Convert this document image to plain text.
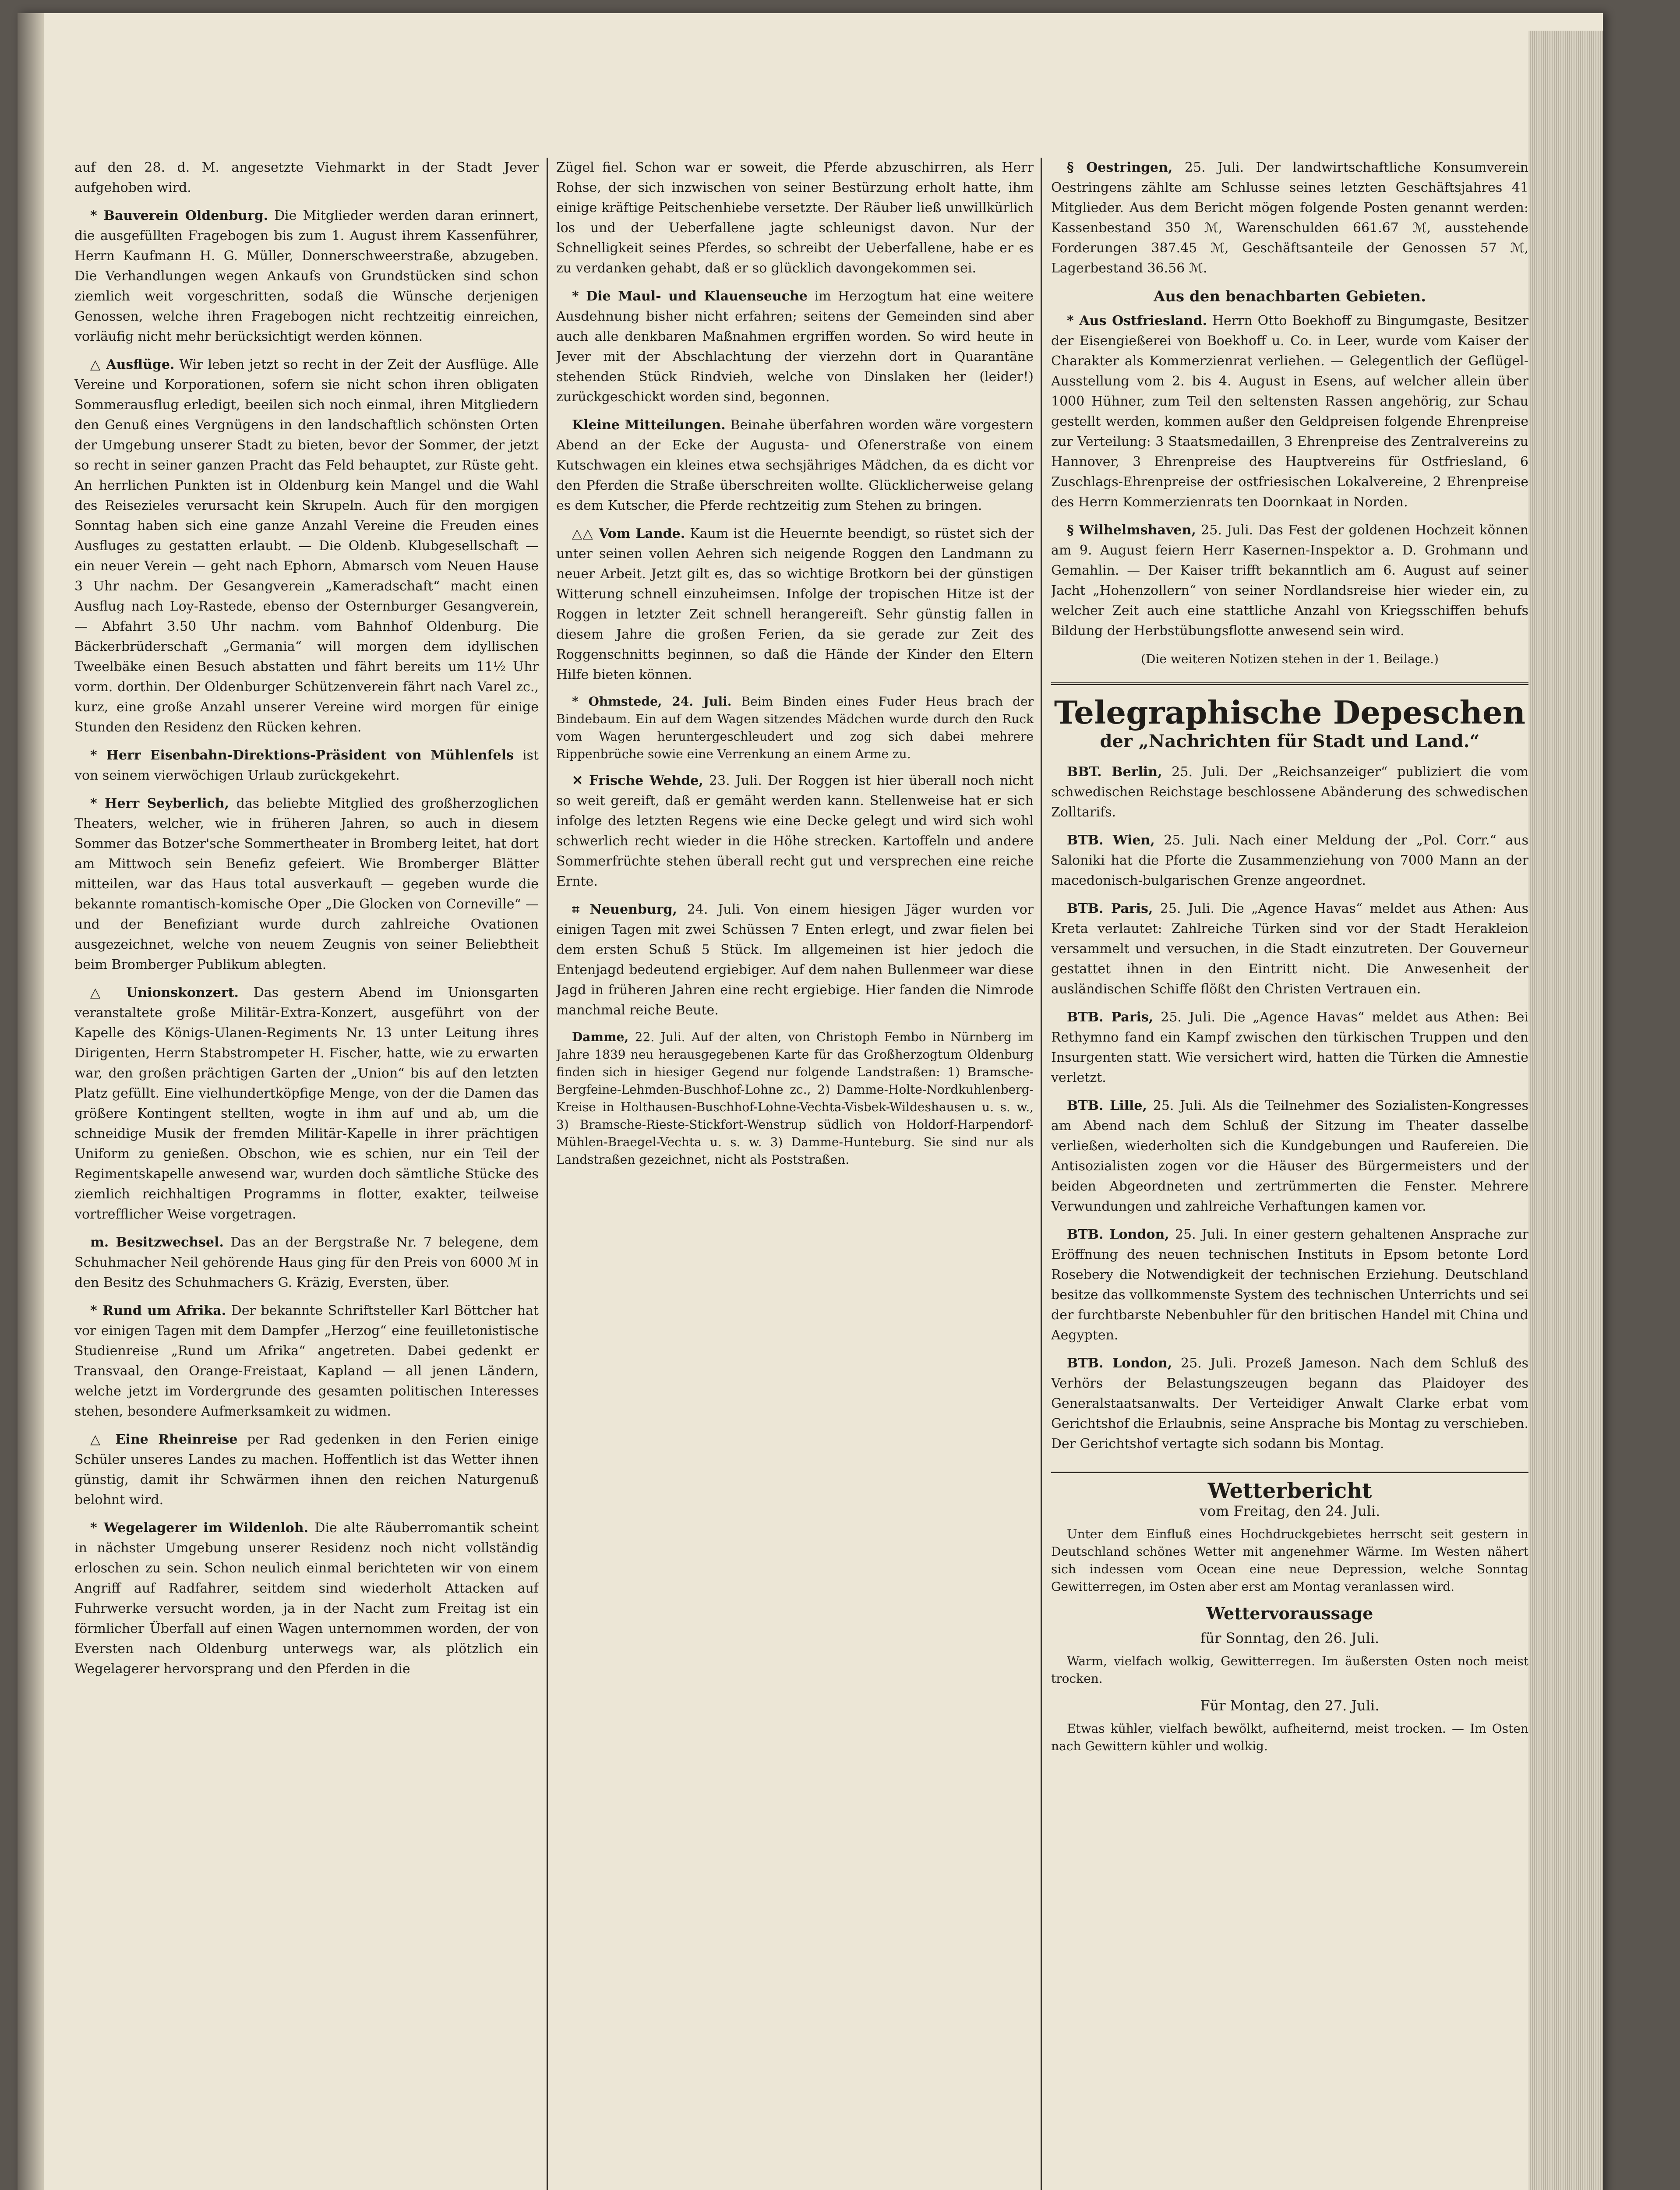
auf den 28. d. M. angesetzte Viehmarkt in der Stadt Jever aufgehoben wird.

* Bauverein Oldenburg. Die Mitglieder werden daran erinnert, die ausgefüllten Fragebogen bis zum 1. August ihrem Kassenführer, Herrn Kaufmann H. G. Müller, Donnerschweerstraße, abzugeben. Die Verhandlungen wegen Ankaufs von Grundstücken sind schon ziemlich weit vorgeschritten, sodaß die Wünsche derjenigen Genossen, welche ihren Fragebogen nicht rechtzeitig einreichen, vorläufig nicht mehr berücksichtigt werden können.

△ Ausflüge. Wir leben jetzt so recht in der Zeit der Ausflüge. Alle Vereine und Korporationen, sofern sie nicht schon ihren obligaten Sommerausflug erledigt, beeilen sich noch einmal, ihren Mitgliedern den Genuß eines Vergnügens in den landschaftlich schönsten Orten der Umgebung unserer Stadt zu bieten, bevor der Sommer, der jetzt so recht in seiner ganzen Pracht das Feld behauptet, zur Rüste geht. An herrlichen Punkten ist in Oldenburg kein Mangel und die Wahl des Reisezieles verursacht kein Skrupeln. Auch für den morgigen Sonntag haben sich eine ganze Anzahl Vereine die Freuden eines Ausfluges zu gestatten erlaubt. — Die Oldenb. Klubgesellschaft — ein neuer Verein — geht nach Ephorn, Abmarsch vom Neuen Hause 3 Uhr nachm. Der Gesangverein „Kameradschaft“ macht einen Ausflug nach Loy-Rastede, ebenso der Osternburger Gesangverein, — Abfahrt 3.50 Uhr nachm. vom Bahnhof Oldenburg. Die Bäckerbrüderschaft „Germania“ will morgen dem idyllischen Tweelbäke einen Besuch abstatten und fährt bereits um 11½ Uhr vorm. dorthin. Der Oldenburger Schützenverein fährt nach Varel zc., kurz, eine große Anzahl unserer Vereine wird morgen für einige Stunden den Residenz den Rücken kehren.

* Herr Eisenbahn-Direktions-Präsident von Mühlenfels ist von seinem vierwöchigen Urlaub zurückgekehrt.

* Herr Seyberlich, das beliebte Mitglied des großherzoglichen Theaters, welcher, wie in früheren Jahren, so auch in diesem Sommer das Botzer'sche Sommertheater in Bromberg leitet, hat dort am Mittwoch sein Benefiz gefeiert. Wie Bromberger Blätter mitteilen, war das Haus total ausverkauft — gegeben wurde die bekannte romantisch-komische Oper „Die Glocken von Corneville“ — und der Benefiziant wurde durch zahlreiche Ovationen ausgezeichnet, welche von neuem Zeugnis von seiner Beliebtheit beim Bromberger Publikum ablegten.

△ Unionskonzert. Das gestern Abend im Unionsgarten veranstaltete große Militär-Extra-Konzert, ausgeführt von der Kapelle des Königs-Ulanen-Regiments Nr. 13 unter Leitung ihres Dirigenten, Herrn Stabstrompeter H. Fischer, hatte, wie zu erwarten war, den großen prächtigen Garten der „Union“ bis auf den letzten Platz gefüllt. Eine vielhundertköpfige Menge, von der die Damen das größere Kontingent stellten, wogte in ihm auf und ab, um die schneidige Musik der fremden Militär-Kapelle in ihrer prächtigen Uniform zu genießen. Obschon, wie es schien, nur ein Teil der Regimentskapelle anwesend war, wurden doch sämtliche Stücke des ziemlich reichhaltigen Programms in flotter, exakter, teilweise vortrefflicher Weise vorgetragen.

m. Besitzwechsel. Das an der Bergstraße Nr. 7 belegene, dem Schuhmacher Neil gehörende Haus ging für den Preis von 6000 ℳ in den Besitz des Schuhmachers G. Kräzig, Eversten, über.

* Rund um Afrika. Der bekannte Schriftsteller Karl Böttcher hat vor einigen Tagen mit dem Dampfer „Herzog“ eine feuilletonistische Studienreise „Rund um Afrika“ angetreten. Dabei gedenkt er Transvaal, den Orange-Freistaat, Kapland — all jenen Ländern, welche jetzt im Vordergrunde des gesamten politischen Interesses stehen, besondere Aufmerksamkeit zu widmen.

△ Eine Rheinreise per Rad gedenken in den Ferien einige Schüler unseres Landes zu machen. Hoffentlich ist das Wetter ihnen günstig, damit ihr Schwärmen ihnen den reichen Naturgenuß belohnt wird.

* Wegelagerer im Wildenloh. Die alte Räuberromantik scheint in nächster Umgebung unserer Residenz noch nicht vollständig erloschen zu sein. Schon neulich einmal berichteten wir von einem Angriff auf Radfahrer, seitdem sind wiederholt Attacken auf Fuhrwerke versucht worden, ja in der Nacht zum Freitag ist ein förmlicher Überfall auf einen Wagen unternommen worden, der von Eversten nach Oldenburg unterwegs war, als plötzlich ein Wegelagerer hervorsprang und den Pferden in die

Zügel fiel. Schon war er soweit, die Pferde abzuschirren, als Herr Rohse, der sich inzwischen von seiner Bestürzung erholt hatte, ihm einige kräftige Peitschenhiebe versetzte. Der Räuber ließ unwillkürlich los und der Ueberfallene jagte schleunigst davon. Nur der Schnelligkeit seines Pferdes, so schreibt der Ueberfallene, habe er es zu verdanken gehabt, daß er so glücklich davongekommen sei.

* Die Maul- und Klauenseuche im Herzogtum hat eine weitere Ausdehnung bisher nicht erfahren; seitens der Gemeinden sind aber auch alle denkbaren Maßnahmen ergriffen worden. So wird heute in Jever mit der Abschlachtung der vierzehn dort in Quarantäne stehenden Stück Rindvieh, welche von Dinslaken her (leider!) zurückgeschickt worden sind, begonnen.

Kleine Mitteilungen. Beinahe überfahren worden wäre vorgestern Abend an der Ecke der Augusta- und Ofenerstraße von einem Kutschwagen ein kleines etwa sechsjähriges Mädchen, da es dicht vor den Pferden die Straße überschreiten wollte. Glücklicherweise gelang es dem Kutscher, die Pferde rechtzeitig zum Stehen zu bringen.

△△ Vom Lande. Kaum ist die Heuernte beendigt, so rüstet sich der unter seinen vollen Aehren sich neigende Roggen den Landmann zu neuer Arbeit. Jetzt gilt es, das so wichtige Brotkorn bei der günstigen Witterung schnell einzuheimsen. Infolge der tropischen Hitze ist der Roggen in letzter Zeit schnell herangereift. Sehr günstig fallen in diesem Jahre die großen Ferien, da sie gerade zur Zeit des Roggenschnitts beginnen, so daß die Hände der Kinder den Eltern Hilfe bieten können.

* Ohmstede, 24. Juli. Beim Binden eines Fuder Heus brach der Bindebaum. Ein auf dem Wagen sitzendes Mädchen wurde durch den Ruck vom Wagen heruntergeschleudert und zog sich dabei mehrere Rippenbrüche sowie eine Verrenkung an einem Arme zu.

✕ Frische Wehde, 23. Juli. Der Roggen ist hier überall noch nicht so weit gereift, daß er gemäht werden kann. Stellenweise hat er sich infolge des letzten Regens wie eine Decke gelegt und wird sich wohl schwerlich recht wieder in die Höhe strecken. Kartoffeln und andere Sommerfrüchte stehen überall recht gut und versprechen eine reiche Ernte.

⌗ Neuenburg, 24. Juli. Von einem hiesigen Jäger wurden vor einigen Tagen mit zwei Schüssen 7 Enten erlegt, und zwar fielen bei dem ersten Schuß 5 Stück. Im allgemeinen ist hier jedoch die Entenjagd bedeutend ergiebiger. Auf dem nahen Bullenmeer war diese Jagd in früheren Jahren eine recht ergiebige. Hier fanden die Nimrode manchmal reiche Beute.

Damme, 22. Juli. Auf der alten, von Christoph Fembo in Nürnberg im Jahre 1839 neu herausgegebenen Karte für das Großherzogtum Oldenburg finden sich in hiesiger Gegend nur folgende Landstraßen: 1) Bramsche-Bergfeine-Lehmden-Buschhof-Lohne zc., 2) Damme-Holte-Nordkuhlenberg-Kreise in Holthausen-Buschhof-Lohne-Vechta-Visbek-Wildeshausen u. s. w., 3) Bramsche-Rieste-Stickfort-Wenstrup südlich von Holdorf-Harpendorf-Mühlen-Braegel-Vechta u. s. w. 3) Damme-Hunteburg. Sie sind nur als Landstraßen gezeichnet, nicht als Poststraßen.

§ Oestringen, 25. Juli. Der landwirtschaftliche Konsumverein Oestringens zählte am Schlusse seines letzten Geschäftsjahres 41 Mitglieder. Aus dem Bericht mögen folgende Posten genannt werden: Kassenbestand 350 ℳ, Warenschulden 661.67 ℳ, ausstehende Forderungen 387.45 ℳ, Geschäftsanteile der Genossen 57 ℳ, Lagerbestand 36.56 ℳ.

Aus den benachbarten Gebieten.

* Aus Ostfriesland. Herrn Otto Boekhoff zu Bingumgaste, Besitzer der Eisengießerei von Boekhoff u. Co. in Leer, wurde vom Kaiser der Charakter als Kommerzienrat verliehen. — Gelegentlich der Geflügel-Ausstellung vom 2. bis 4. August in Esens, auf welcher allein über 1000 Hühner, zum Teil den seltensten Rassen angehörig, zur Schau gestellt werden, kommen außer den Geldpreisen folgende Ehrenpreise zur Verteilung: 3 Staatsmedaillen, 3 Ehrenpreise des Zentralvereins zu Hannover, 3 Ehrenpreise des Hauptvereins für Ostfriesland, 6 Zuschlags-Ehrenpreise der ostfriesischen Lokalvereine, 2 Ehrenpreise des Herrn Kommerzienrats ten Doornkaat in Norden.

§ Wilhelmshaven, 25. Juli. Das Fest der goldenen Hochzeit können am 9. August feiern Herr Kasernen-Inspektor a. D. Grohmann und Gemahlin. — Der Kaiser trifft bekanntlich am 6. August auf seiner Jacht „Hohenzollern“ von seiner Nordlandsreise hier wieder ein, zu welcher Zeit auch eine stattliche Anzahl von Kriegsschiffen behufs Bildung der Herbstübungsflotte anwesend sein wird.

(Die weiteren Notizen stehen in der 1. Beilage.)
Telegraphische Depeschen
der „Nachrichten für Stadt und Land.“

BBT. Berlin, 25. Juli. Der „Reichsanzeiger“ publiziert die vom schwedischen Reichstage beschlossene Abänderung des schwedischen Zolltarifs.

BTB. Wien, 25. Juli. Nach einer Meldung der „Pol. Corr.“ aus Saloniki hat die Pforte die Zusammenziehung von 7000 Mann an der macedonisch-bulgarischen Grenze angeordnet.

BTB. Paris, 25. Juli. Die „Agence Havas“ meldet aus Athen: Aus Kreta verlautet: Zahlreiche Türken sind vor der Stadt Herakleion versammelt und versuchen, in die Stadt einzutreten. Der Gouverneur gestattet ihnen in den Eintritt nicht. Die Anwesenheit der ausländischen Schiffe flößt den Christen Vertrauen ein.

BTB. Paris, 25. Juli. Die „Agence Havas“ meldet aus Athen: Bei Rethymno fand ein Kampf zwischen den türkischen Truppen und den Insurgenten statt. Wie versichert wird, hatten die Türken die Amnestie verletzt.

BTB. Lille, 25. Juli. Als die Teilnehmer des Sozialisten-Kongresses am Abend nach dem Schluß der Sitzung im Theater dasselbe verließen, wiederholten sich die Kundgebungen und Raufereien. Die Antisozialisten zogen vor die Häuser des Bürgermeisters und der beiden Abgeordneten und zertrümmerten die Fenster. Mehrere Verwundungen und zahlreiche Verhaftungen kamen vor.

BTB. London, 25. Juli. In einer gestern gehaltenen Ansprache zur Eröffnung des neuen technischen Instituts in Epsom betonte Lord Rosebery die Notwendigkeit der technischen Erziehung. Deutschland besitze das vollkommenste System des technischen Unterrichts und sei der furchtbarste Nebenbuhler für den britischen Handel mit China und Aegypten.

BTB. London, 25. Juli. Prozeß Jameson. Nach dem Schluß des Verhörs der Belastungszeugen begann das Plaidoyer des Generalstaatsanwalts. Der Verteidiger Anwalt Clarke erbat vom Gerichtshof die Erlaubnis, seine Ansprache bis Montag zu verschieben. Der Gerichtshof vertagte sich sodann bis Montag.

Wetterbericht
vom Freitag, den 24. Juli.

Unter dem Einfluß eines Hochdruckgebietes herrscht seit gestern in Deutschland schönes Wetter mit angenehmer Wärme. Im Westen nähert sich indessen vom Ocean eine neue Depression, welche Sonntag Gewitterregen, im Osten aber erst am Montag veranlassen wird.

Wettervoraussage
für Sonntag, den 26. Juli.

Warm, vielfach wolkig, Gewitterregen. Im äußersten Osten noch meist trocken.

Für Montag, den 27. Juli.

Etwas kühler, vielfach bewölkt, aufheiternd, meist trocken. — Im Osten nach Gewittern kühler und wolkig.
